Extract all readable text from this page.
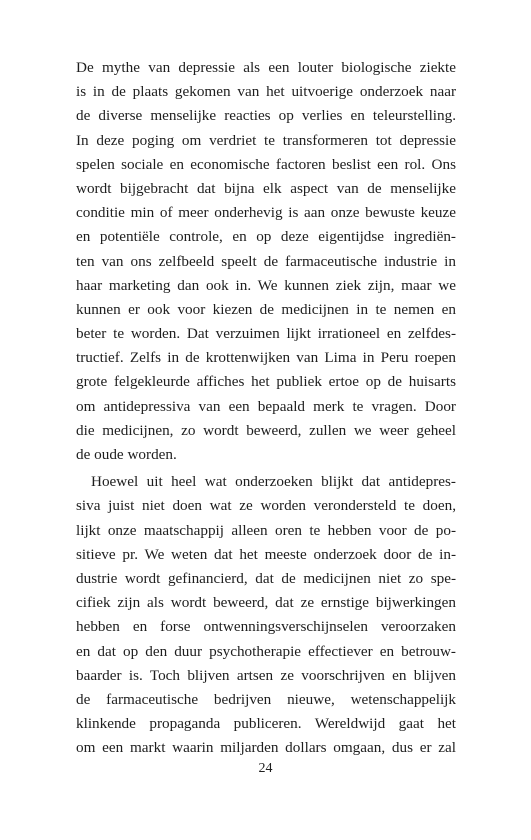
De mythe van depressie als een louter biologische ziekte
is in de plaats gekomen van het uitvoerige onderzoek naar
de diverse menselijke reacties op verlies en teleurstelling.
In deze poging om verdriet te transformeren tot depressie
spelen sociale en economische factoren beslist een rol. Ons
wordt bijgebracht dat bijna elk aspect van de menselijke
conditie min of meer onderhevig is aan onze bewuste keuze
en potentiële controle, en op deze eigentijdse ingrediën-
ten van ons zelfbeeld speelt de farmaceutische industrie in
haar marketing dan ook in. We kunnen ziek zijn, maar we
kunnen er ook voor kiezen de medicijnen in te nemen en
beter te worden. Dat verzuimen lijkt irrationeel en zelfdes-
tructief. Zelfs in de krottenwijken van Lima in Peru roepen
grote felgekleurde affiches het publiek ertoe op de huisarts
om antidepressiva van een bepaald merk te vragen. Door
die medicijnen, zo wordt beweerd, zullen we weer geheel
de oude worden.
Hoewel uit heel wat onderzoeken blijkt dat antidepres-
siva juist niet doen wat ze worden verondersteld te doen,
lijkt onze maatschappij alleen oren te hebben voor de po-
sitieve pr. We weten dat het meeste onderzoek door de in-
dustrie wordt gefinancierd, dat de medicijnen niet zo spe-
cifiek zijn als wordt beweerd, dat ze ernstige bijwerkingen
hebben en forse ontwenningsverschijnselen veroorzaken
en dat op den duur psychotherapie effectiever en betrouw-
baarder is. Toch blijven artsen ze voorschrijven en blijven
de farmaceutische bedrijven nieuwe, wetenschappelijk
klinkende propaganda publiceren. Wereldwijd gaat het
om een markt waarin miljarden dollars omgaan, dus er zal
24
